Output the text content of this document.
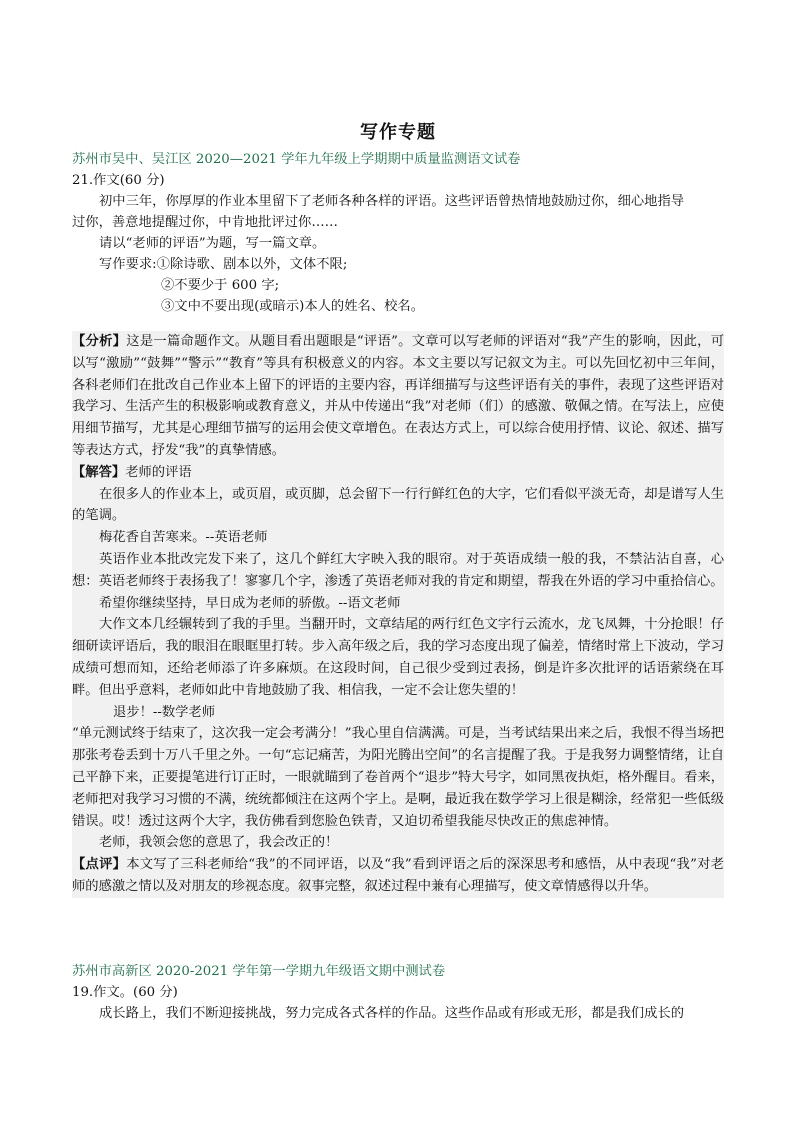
写作专题
苏州市吴中、吴江区 2020—2021 学年九年级上学期期中质量监测语文试卷
21.作文(60 分)
初中三年，你厚厚的作业本里留下了老师各种各样的评语。这些评语曾热情地鼓励过你，细心地指导
过你，善意地提醒过你，中肯地批评过你……
请以“老师的评语”为题，写一篇文章。
写作要求:①除诗歌、剧本以外，文体不限;
②不要少于 600 字;
③文中不要出现(或暗示)本人的姓名、校名。
【分析】这是一篇命题作文。从题目看出题眼是“评语”。文章可以写老师的评语对“我”产生的影响，因此，可以写“激励”“鼓舞”“警示”“教育”等具有积极意义的内容。本文主要以写记叙文为主。可以先回忆初中三年间，各科老师们在批改自己作业本上留下的评语的主要内容，再详细描写与这些评语有关的事件，表现了这些评语对我学习、生活产生的积极影响或教育意义，并从中传递出“我”对老师（们）的感激、敬佩之情。在写法上，应使用细节描写，尤其是心理细节描写的运用会使文章增色。在表达方式上，可以综合使用抒情、议论、叙述、描写等表达方式，抒发“我”的真挚情感。
【解答】老师的评语
在很多人的作业本上，或页眉，或页脚，总会留下一行行鲜红色的大字，它们看似平淡无奇，却是谱写人生的笔调。
梅花香自苦寒来。--英语老师
英语作业本批改完发下来了，这几个鲜红大字映入我的眼帘。对于英语成绩一般的我，不禁沾沾自喜，心想：英语老师终于表扬我了！寥寥几个字，渗透了英语老师对我的肯定和期望，帮我在外语的学习中重拾信心。
希望你继续坚持，早日成为老师的骄傲。--语文老师
大作文本几经辗转到了我的手里。当翻开时，文章结尾的两行红色文字行云流水，龙飞凤舞，十分抢眼！仔细研读评语后，我的眼泪在眼眶里打转。步入高年级之后，我的学习态度出现了偏差，情绪时常上下波动，学习成绩可想而知，还给老师添了许多麻烦。在这段时间，自己很少受到过表扬，倒是许多次批评的话语萦绕在耳畔。但出乎意料，老师如此中肯地鼓励了我、相信我，一定不会让您失望的！
退步！--数学老师
“单元测试终于结束了，这次我一定会考满分！”我心里自信满满。可是，当考试结果出来之后，我恨不得当场把那张考卷丢到十万八千里之外。一句“忘记痛苦，为阳光腾出空间”的名言提醒了我。于是我努力调整情绪，让自己平静下来，正要提笔进行订正时，一眼就瞄到了卷首两个“退步”特大号字，如同黑夜执炬，格外醒目。看来，老师把对我学习习惯的不满，统统都倾注在这两个字上。是啊，最近我在数学学习上很是糊涂，经常犯一些低级错误。哎！透过这两个大字，我仿佛看到您脸色铁青，又迫切希望我能尽快改正的焦虑神情。
老师，我领会您的意思了，我会改正的！
【点评】本文写了三科老师给“我”的不同评语，以及“我”看到评语之后的深深思考和感悟，从中表现“我”对老师的感激之情以及对朋友的珍视态度。叙事完整，叙述过程中兼有心理描写，使文章情感得以升华。
苏州市高新区 2020-2021 学年第一学期九年级语文期中测试卷
19.作文。(60 分)
成长路上，我们不断迎接挑战，努力完成各式各样的作品。这些作品或有形或无形，都是我们成长的
